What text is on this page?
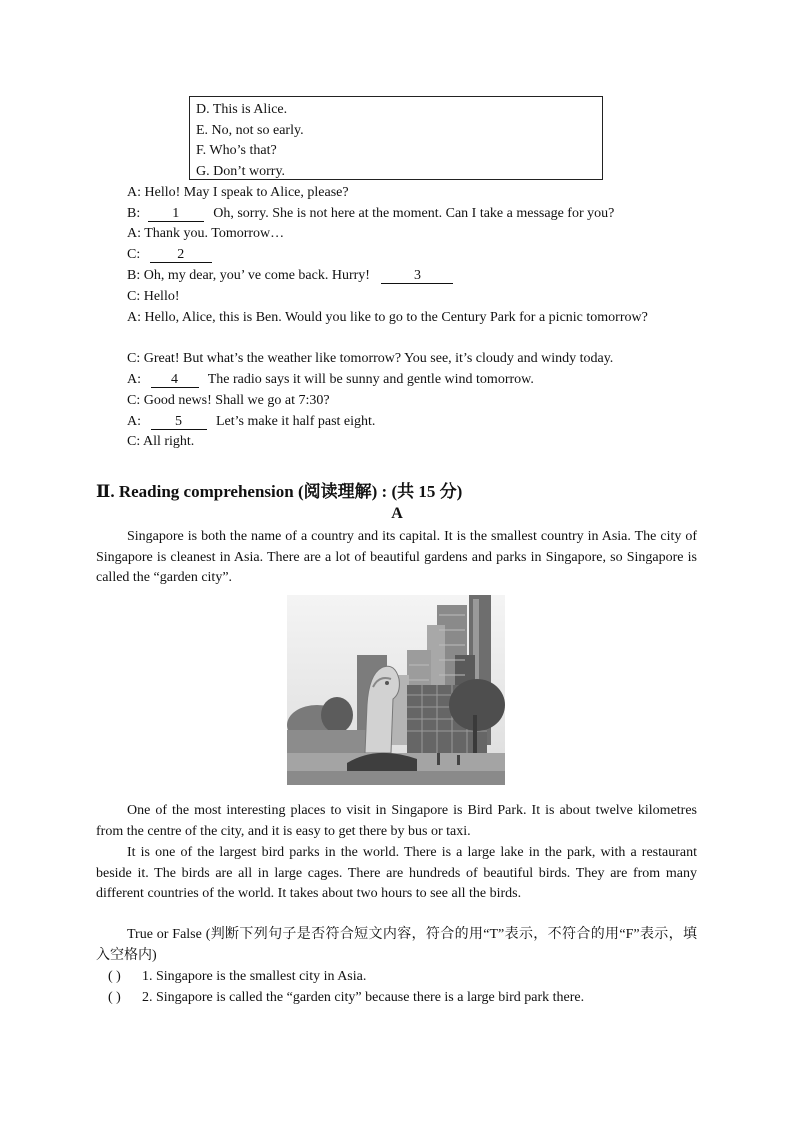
D. This is Alice.
E. No, not so early.
F. Who’s that?
G. Don’t worry.
A: Hello! May I speak to Alice, please?
B: 1 Oh, sorry. She is not here at the moment. Can I take a message for you?
A: Thank you. Tomorrow…
C:	2
B: Oh, my dear, you’ ve come back. Hurry!	3
C: Hello!
A: Hello, Alice, this is Ben. Would you like to go to the Century Park for a picnic tomorrow?
C: Great! But what’s the weather like tomorrow? You see, it’s cloudy and windy today.
A: 4 The radio says it will be sunny and gentle wind tomorrow.
C: Good news! Shall we go at 7:30?
A: 5 Let’s make it half past eight.
C: All right.
Ⅱ. Reading comprehension (阅读理解) : (共 15 分)
A
Singapore is both the name of a country and its capital. It is the smallest country in Asia. The city of Singapore is cleanest in Asia. There are a lot of beautiful gardens and parks in Singapore, so Singapore is called the “garden city”.
One of the most interesting places to visit in Singapore is Bird Park. It is about twelve kilometres from the centre of the city, and it is easy to get there by bus or taxi.
It is one of the largest bird parks in the world. There is a large lake in the park, with a restaurant beside it. The birds are all in large cages. There are hundreds of beautiful birds. They are from many different countries of the world. It takes about two hours to see all the birds.
True or False (判断下列句子是否符合短文内容，符合的用“T”表示，不符合的用“F”表示，填入空格内)
( ) 1. Singapore is the smallest city in Asia.
( ) 2. Singapore is called the “garden city” because there is a large bird park there.
